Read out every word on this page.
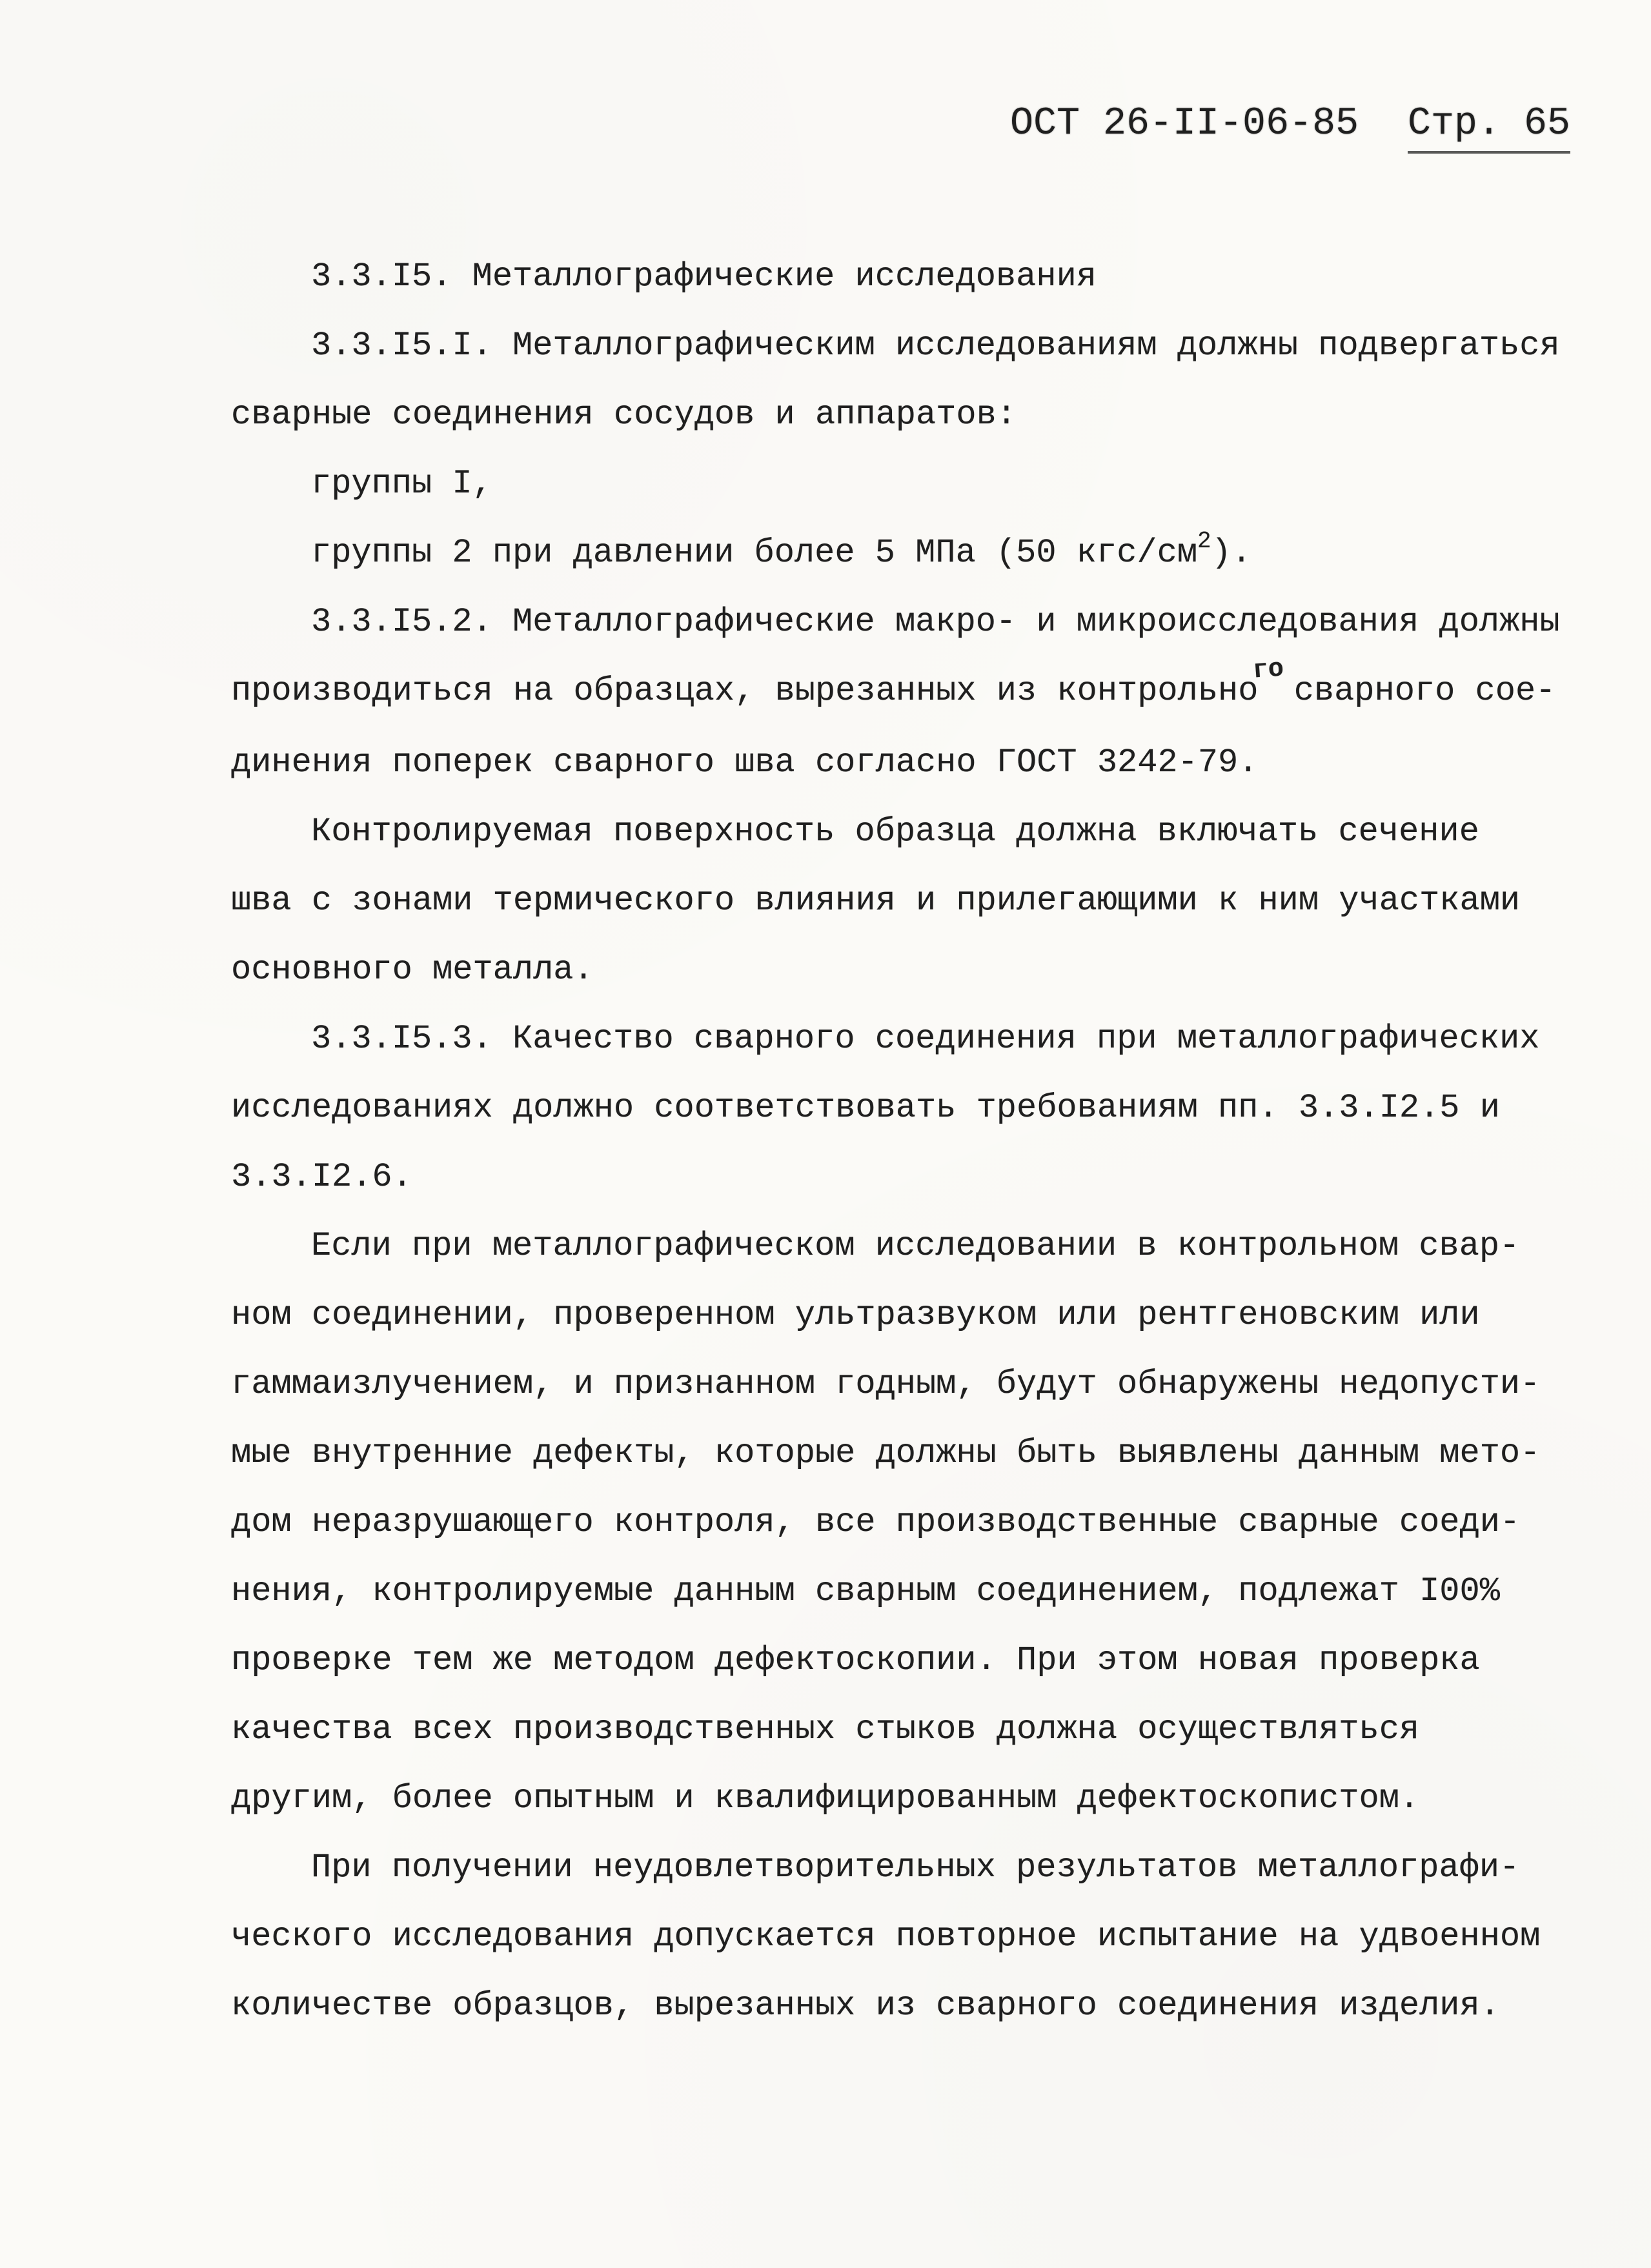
ОСТ 26-II-06-85 Стр. 65
3.3.I5. Металлографические исследования
3.3.I5.I. Металлографическим исследованиям должны подвергаться
сварные соединения сосудов и аппаратов:
группы I,
группы 2 при давлении более 5 МПа (50 кгс/$см^2$).
3.3.I5.2. Металлографические макро- и микроисследования должны
производиться на образцах, вырезанных из контрольного сварного сое-
динения поперек сварного шва согласно ГОСТ 3242-79.
Контролируемая поверхность образца должна включать сечение
шва с зонами термического влияния и прилегающими к ним участками
основного металла.
3.3.I5.3. Качество сварного соединения при металлографических
исследованиях должно соответствовать требованиям пп. 3.3.I2.5 и
3.3.I2.6.
Если при металлографическом исследовании в контрольном свар-
ном соединении, проверенном ультразвуком или рентгеновским или
гаммаизлучением, и признанном годным, будут обнаружены недопусти-
мые внутренние дефекты, которые должны быть выявлены данным мето-
дом неразрушающего контроля, все производственные сварные соеди-
нения, контролируемые данным сварным соединением, подлежат I00%
проверке тем же методом дефектоскопии. При этом новая проверка
качества всех производственных стыков должна осуществляться
другим, более опытным и квалифицированным дефектоскопистом.
При получении неудовлетворительных результатов металлографи-
ческого исследования допускается повторное испытание на удвоенном
количестве образцов, вырезанных из сварного соединения изделия.
